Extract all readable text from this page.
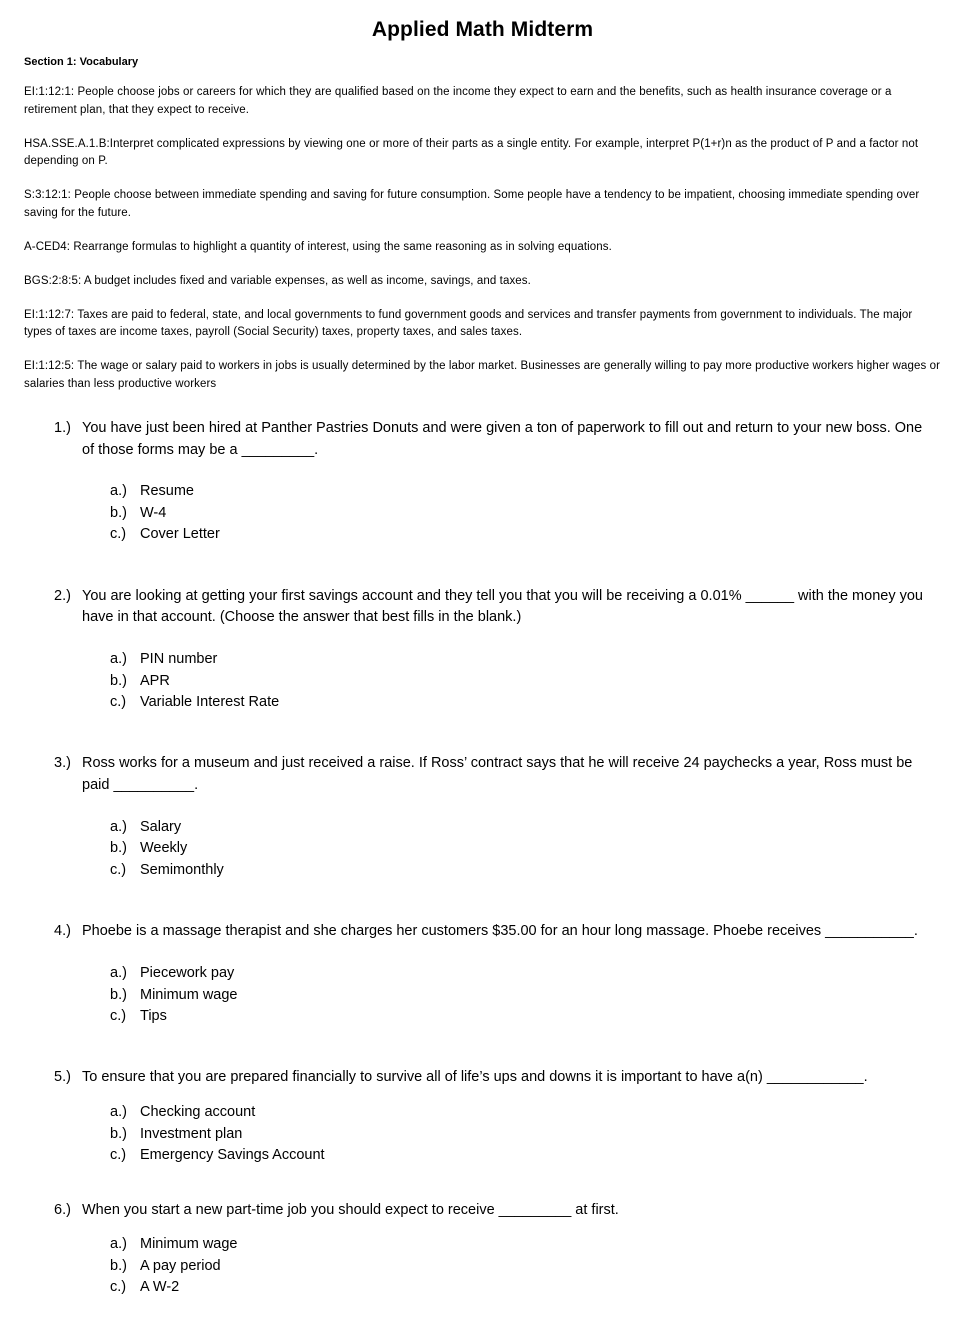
Applied Math Midterm
Section 1: Vocabulary

EI:1:12:1: People choose jobs or careers for which they are qualified based on the income they expect to earn and the benefits, such as health insurance coverage or a retirement plan, that they expect to receive.

HSA.SSE.A.1.B:Interpret complicated expressions by viewing one or more of their parts as a single entity. For example, interpret P(1+r)n as the product of P and a factor not depending on P.

S:3:12:1: People choose between immediate spending and saving for future consumption. Some people have a tendency to be impatient, choosing immediate spending over saving for the future.

A-CED4: Rearrange formulas to highlight a quantity of interest, using the same reasoning as in solving equations.

BGS:2:8:5: A budget includes fixed and variable expenses, as well as income, savings, and taxes.

EI:1:12:7: Taxes are paid to federal, state, and local governments to fund government goods and services and transfer payments from government to individuals. The major types of taxes are income taxes, payroll (Social Security) taxes, property taxes, and sales taxes.

EI:1:12:5: The wage or salary paid to workers in jobs is usually determined by the labor market. Businesses are generally willing to pay more productive workers higher wages or salaries than less productive workers

1.) You have just been hired at Panther Pastries Donuts and were given a ton of paperwork to fill out and return to your new boss. One of those forms may be a _________.
a.) Resume
b.) W-4
c.) Cover Letter
2.) You are looking at getting your first savings account and they tell you that you will be receiving a 0.01% ______ with the money you have in that account. (Choose the answer that best fills in the blank.)
a.) PIN number
b.) APR
c.) Variable Interest Rate
3.) Ross works for a museum and just received a raise. If Ross’ contract says that he will receive 24 paychecks a year, Ross must be paid __________.
a.) Salary
b.) Weekly
c.) Semimonthly
4.) Phoebe is a massage therapist and she charges her customers $35.00 for an hour long massage. Phoebe receives ___________.
a.) Piecework pay
b.) Minimum wage
c.) Tips
5.) To ensure that you are prepared financially to survive all of life’s ups and downs it is important to have a(n) ____________.
a.) Checking account
b.) Investment plan
c.) Emergency Savings Account
6.) When you start a new part-time job you should expect to receive _________ at first.
a.) Minimum wage
b.) A pay period
c.) A W-2
